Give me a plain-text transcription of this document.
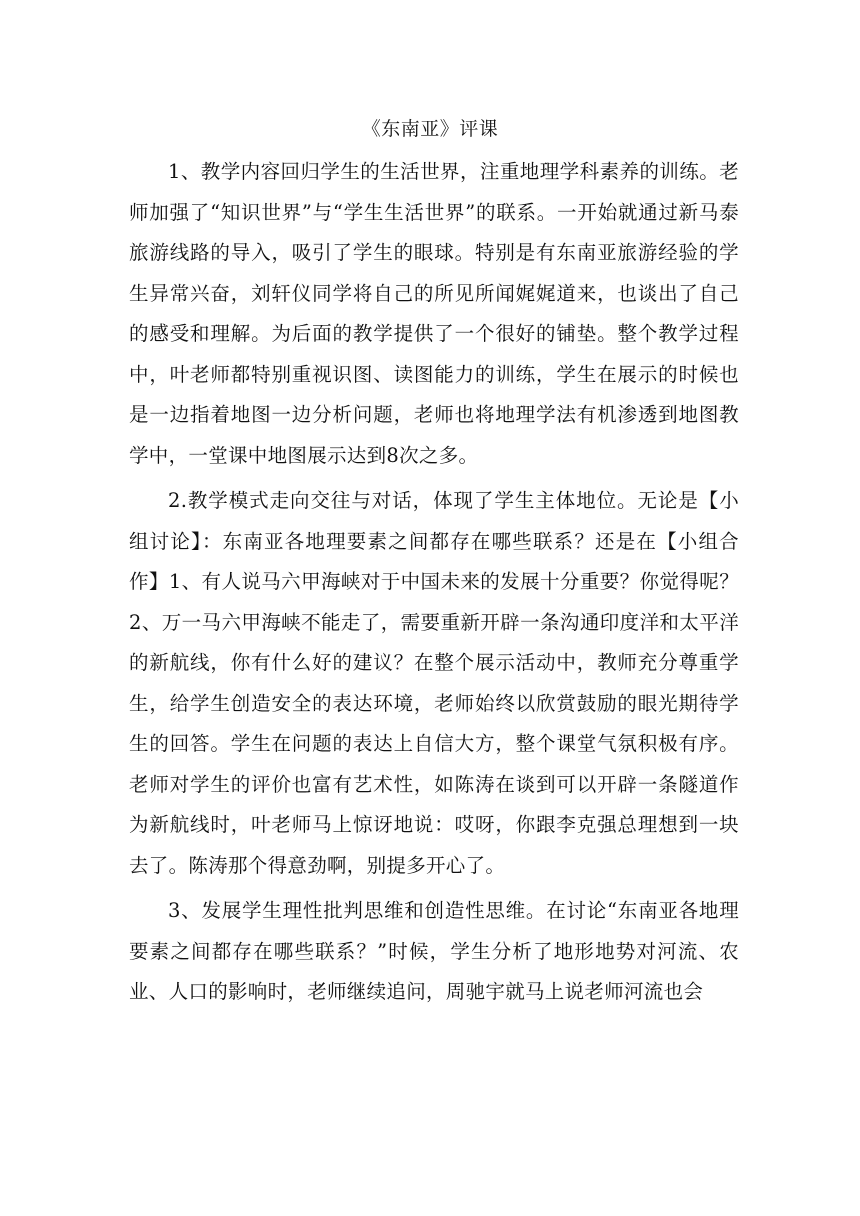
《东南亚》评课

1、教学内容回归学生的生活世界，注重地理学科素养的训练。老师加强了“知识世界”与“学生生活世界”的联系。一开始就通过新马泰旅游线路的导入，吸引了学生的眼球。特别是有东南亚旅游经验的学生异常兴奋，刘轩仪同学将自己的所见所闻娓娓道来，也谈出了自己的感受和理解。为后面的教学提供了一个很好的铺垫。整个教学过程中，叶老师都特别重视识图、读图能力的训练，学生在展示的时候也是一边指着地图一边分析问题，老师也将地理学法有机渗透到地图教学中，一堂课中地图展示达到8次之多。

2.教学模式走向交往与对话，体现了学生主体地位。无论是【小组讨论】：东南亚各地理要素之间都存在哪些联系？还是在【小组合作】1、有人说马六甲海峡对于中国未来的发展十分重要？你觉得呢？2、万一马六甲海峡不能走了，需要重新开辟一条沟通印度洋和太平洋的新航线，你有什么好的建议？在整个展示活动中，教师充分尊重学生，给学生创造安全的表达环境，老师始终以欣赏鼓励的眼光期待学生的回答。学生在问题的表达上自信大方，整个课堂气氛积极有序。老师对学生的评价也富有艺术性，如陈涛在谈到可以开辟一条隧道作为新航线时，叶老师马上惊讶地说：哎呀，你跟李克强总理想到一块去了。陈涛那个得意劲啊，别提多开心了。

3、发展学生理性批判思维和创造性思维。在讨论“东南亚各地理要素之间都存在哪些联系？”时候，学生分析了地形地势对河流、农业、人口的影响时，老师继续追问，周驰宇就马上说老师河流也会
